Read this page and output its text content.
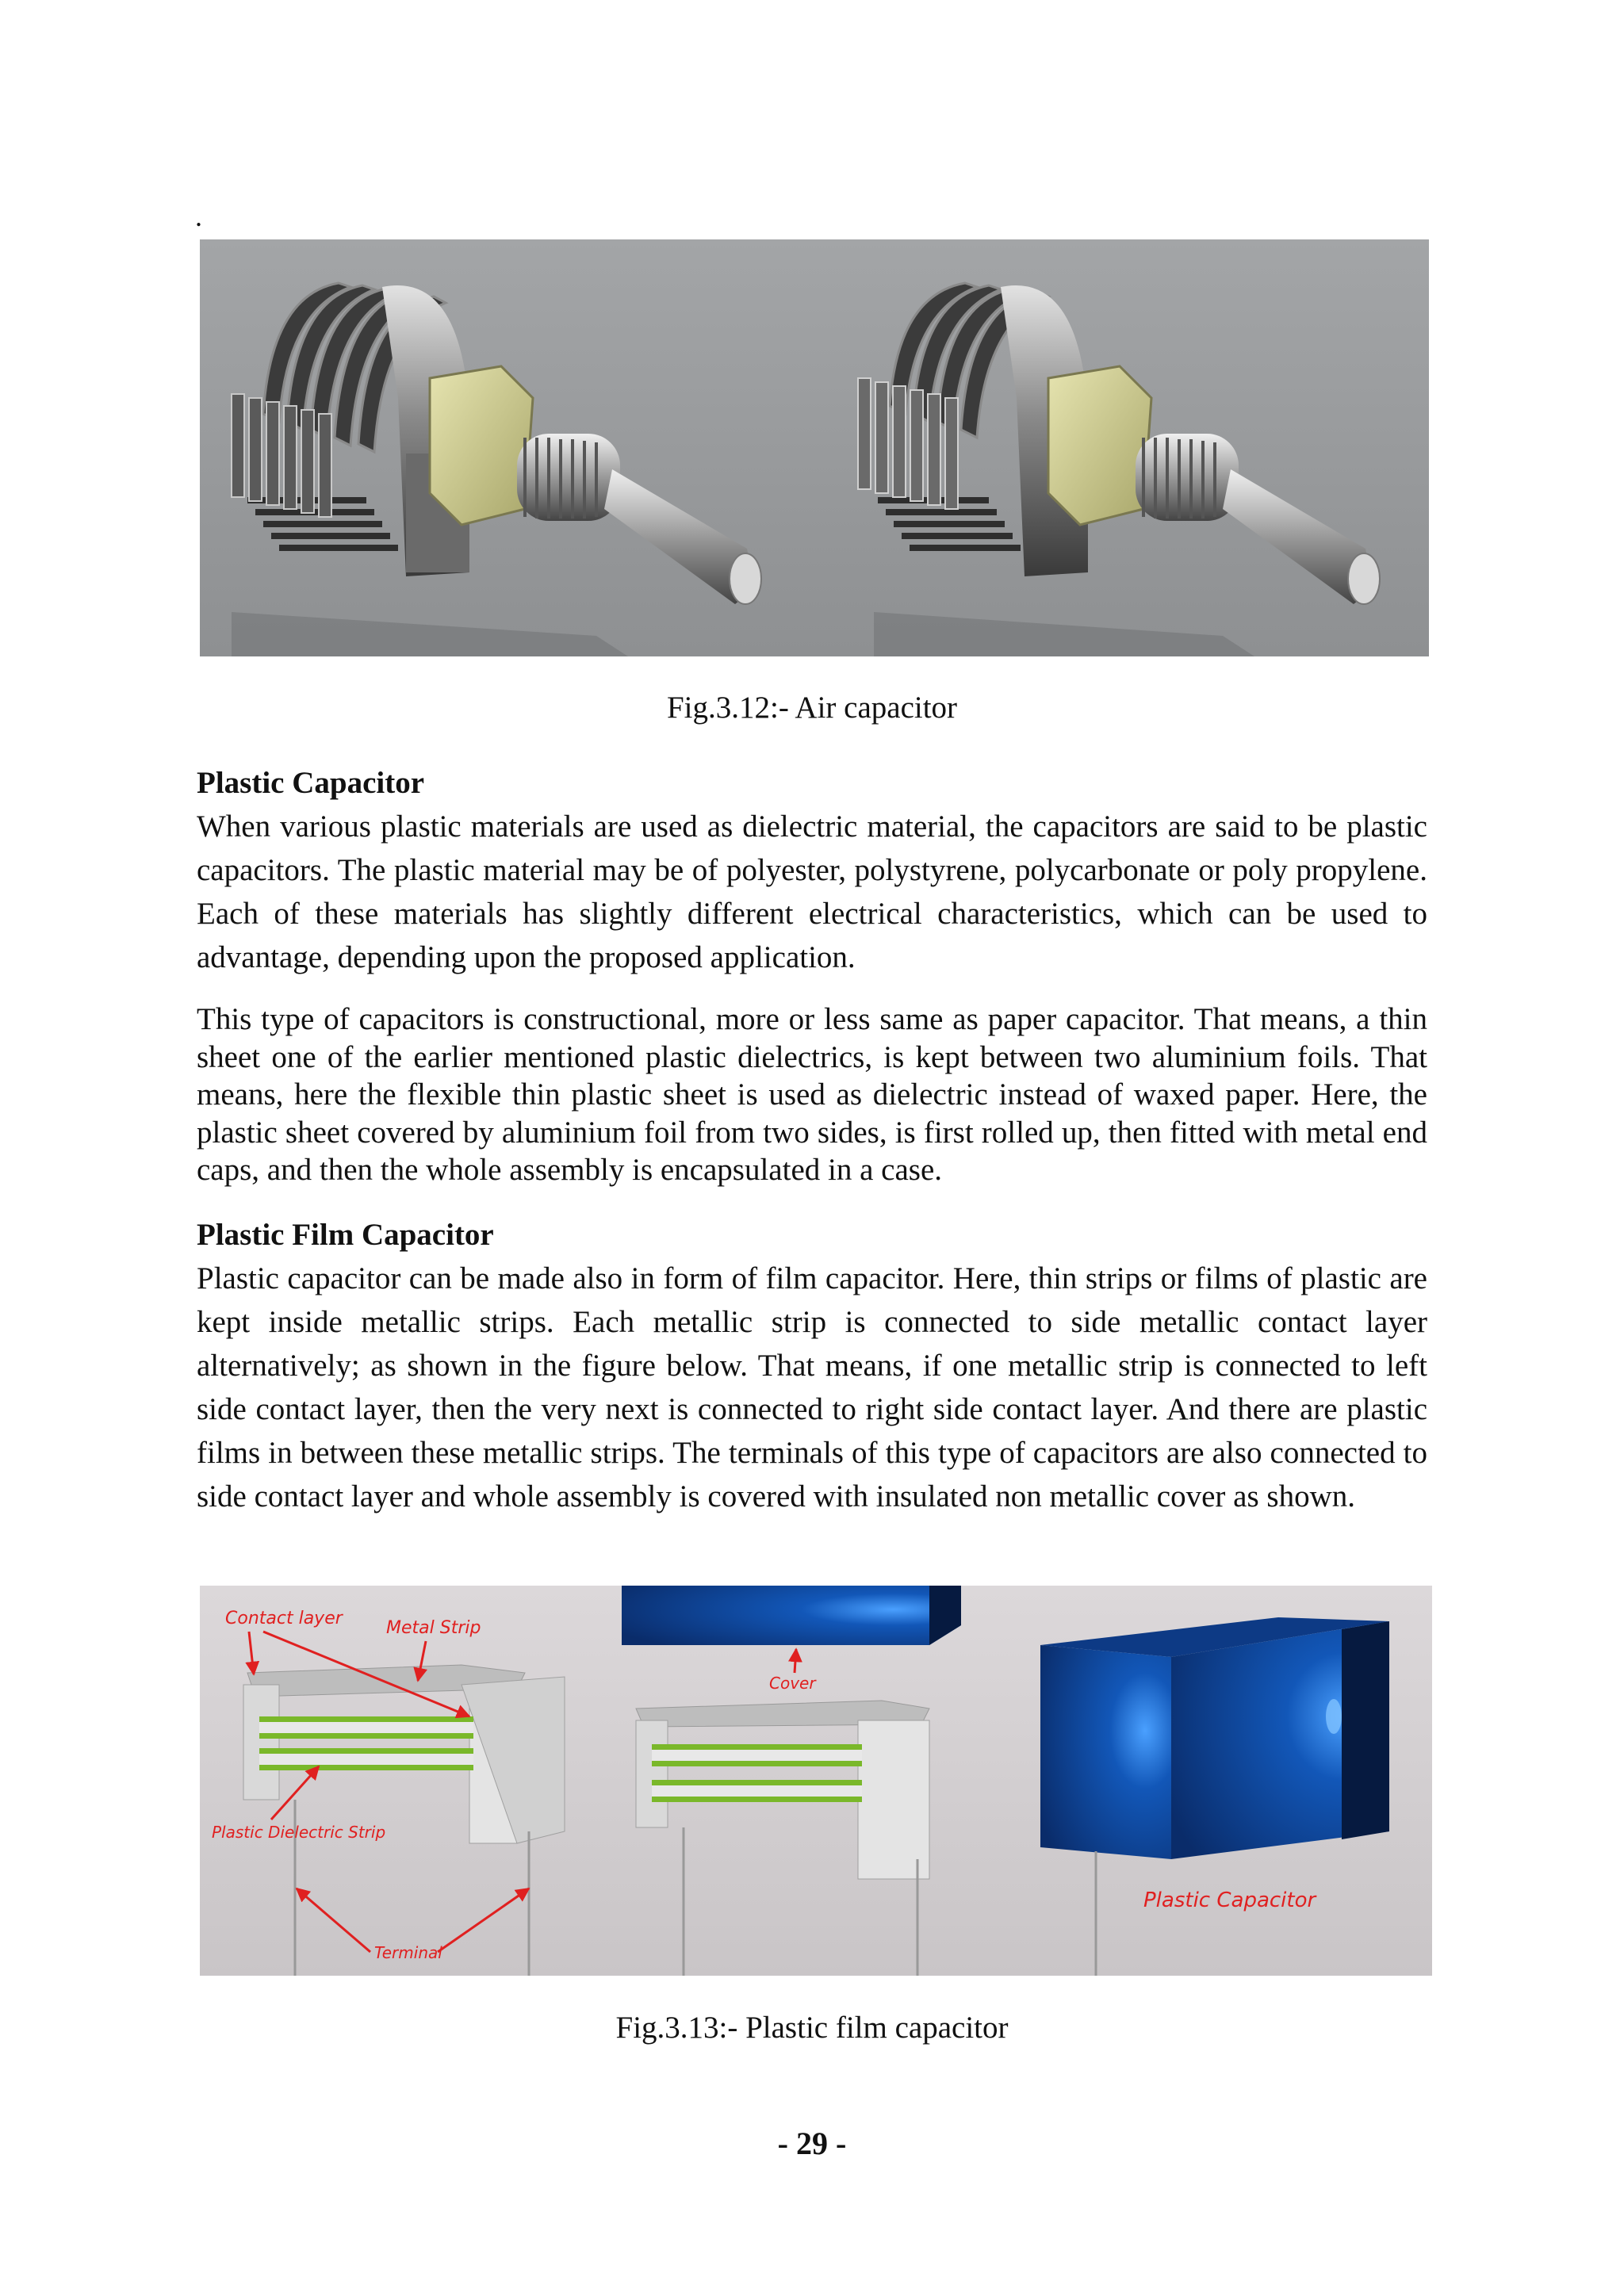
.
Fig.3.12:- Air capacitor
Plastic Capacitor
When various plastic materials are used as dielectric material, the capacitors are said to be plastic capacitors. The plastic material may be of polyester, polystyrene, polycarbonate or poly propylene. Each of these materials has slightly different electrical characteristics, which can be used to advantage, depending upon the proposed application.
This type of capacitors is constructional, more or less same as paper capacitor. That means, a thin sheet one of the earlier mentioned plastic dielectrics, is kept between two aluminium foils. That means, here the flexible thin plastic sheet is used as dielectric instead of waxed paper. Here, the plastic sheet covered by aluminium foil from two sides, is first rolled up, then fitted with metal end caps, and then the whole assembly is encapsulated in a case.
Plastic Film Capacitor
Plastic capacitor can be made also in form of film capacitor. Here, thin strips or films of plastic are kept inside metallic strips. Each metallic strip is connected to side metallic contact layer alternatively; as shown in the figure below. That means, if one metallic strip is connected to left side contact layer, then the very next is connected to right side contact layer. And there are plastic films in between these metallic strips. The terminals of this type of capacitors are also connected to side contact layer and whole assembly is covered with insulated non metallic cover as shown.
Contact layer	Metal Strip
Plastic Dielectric Strip
Terminal
Cover
Plastic Capacitor
Fig.3.13:- Plastic film capacitor
- 29 -
